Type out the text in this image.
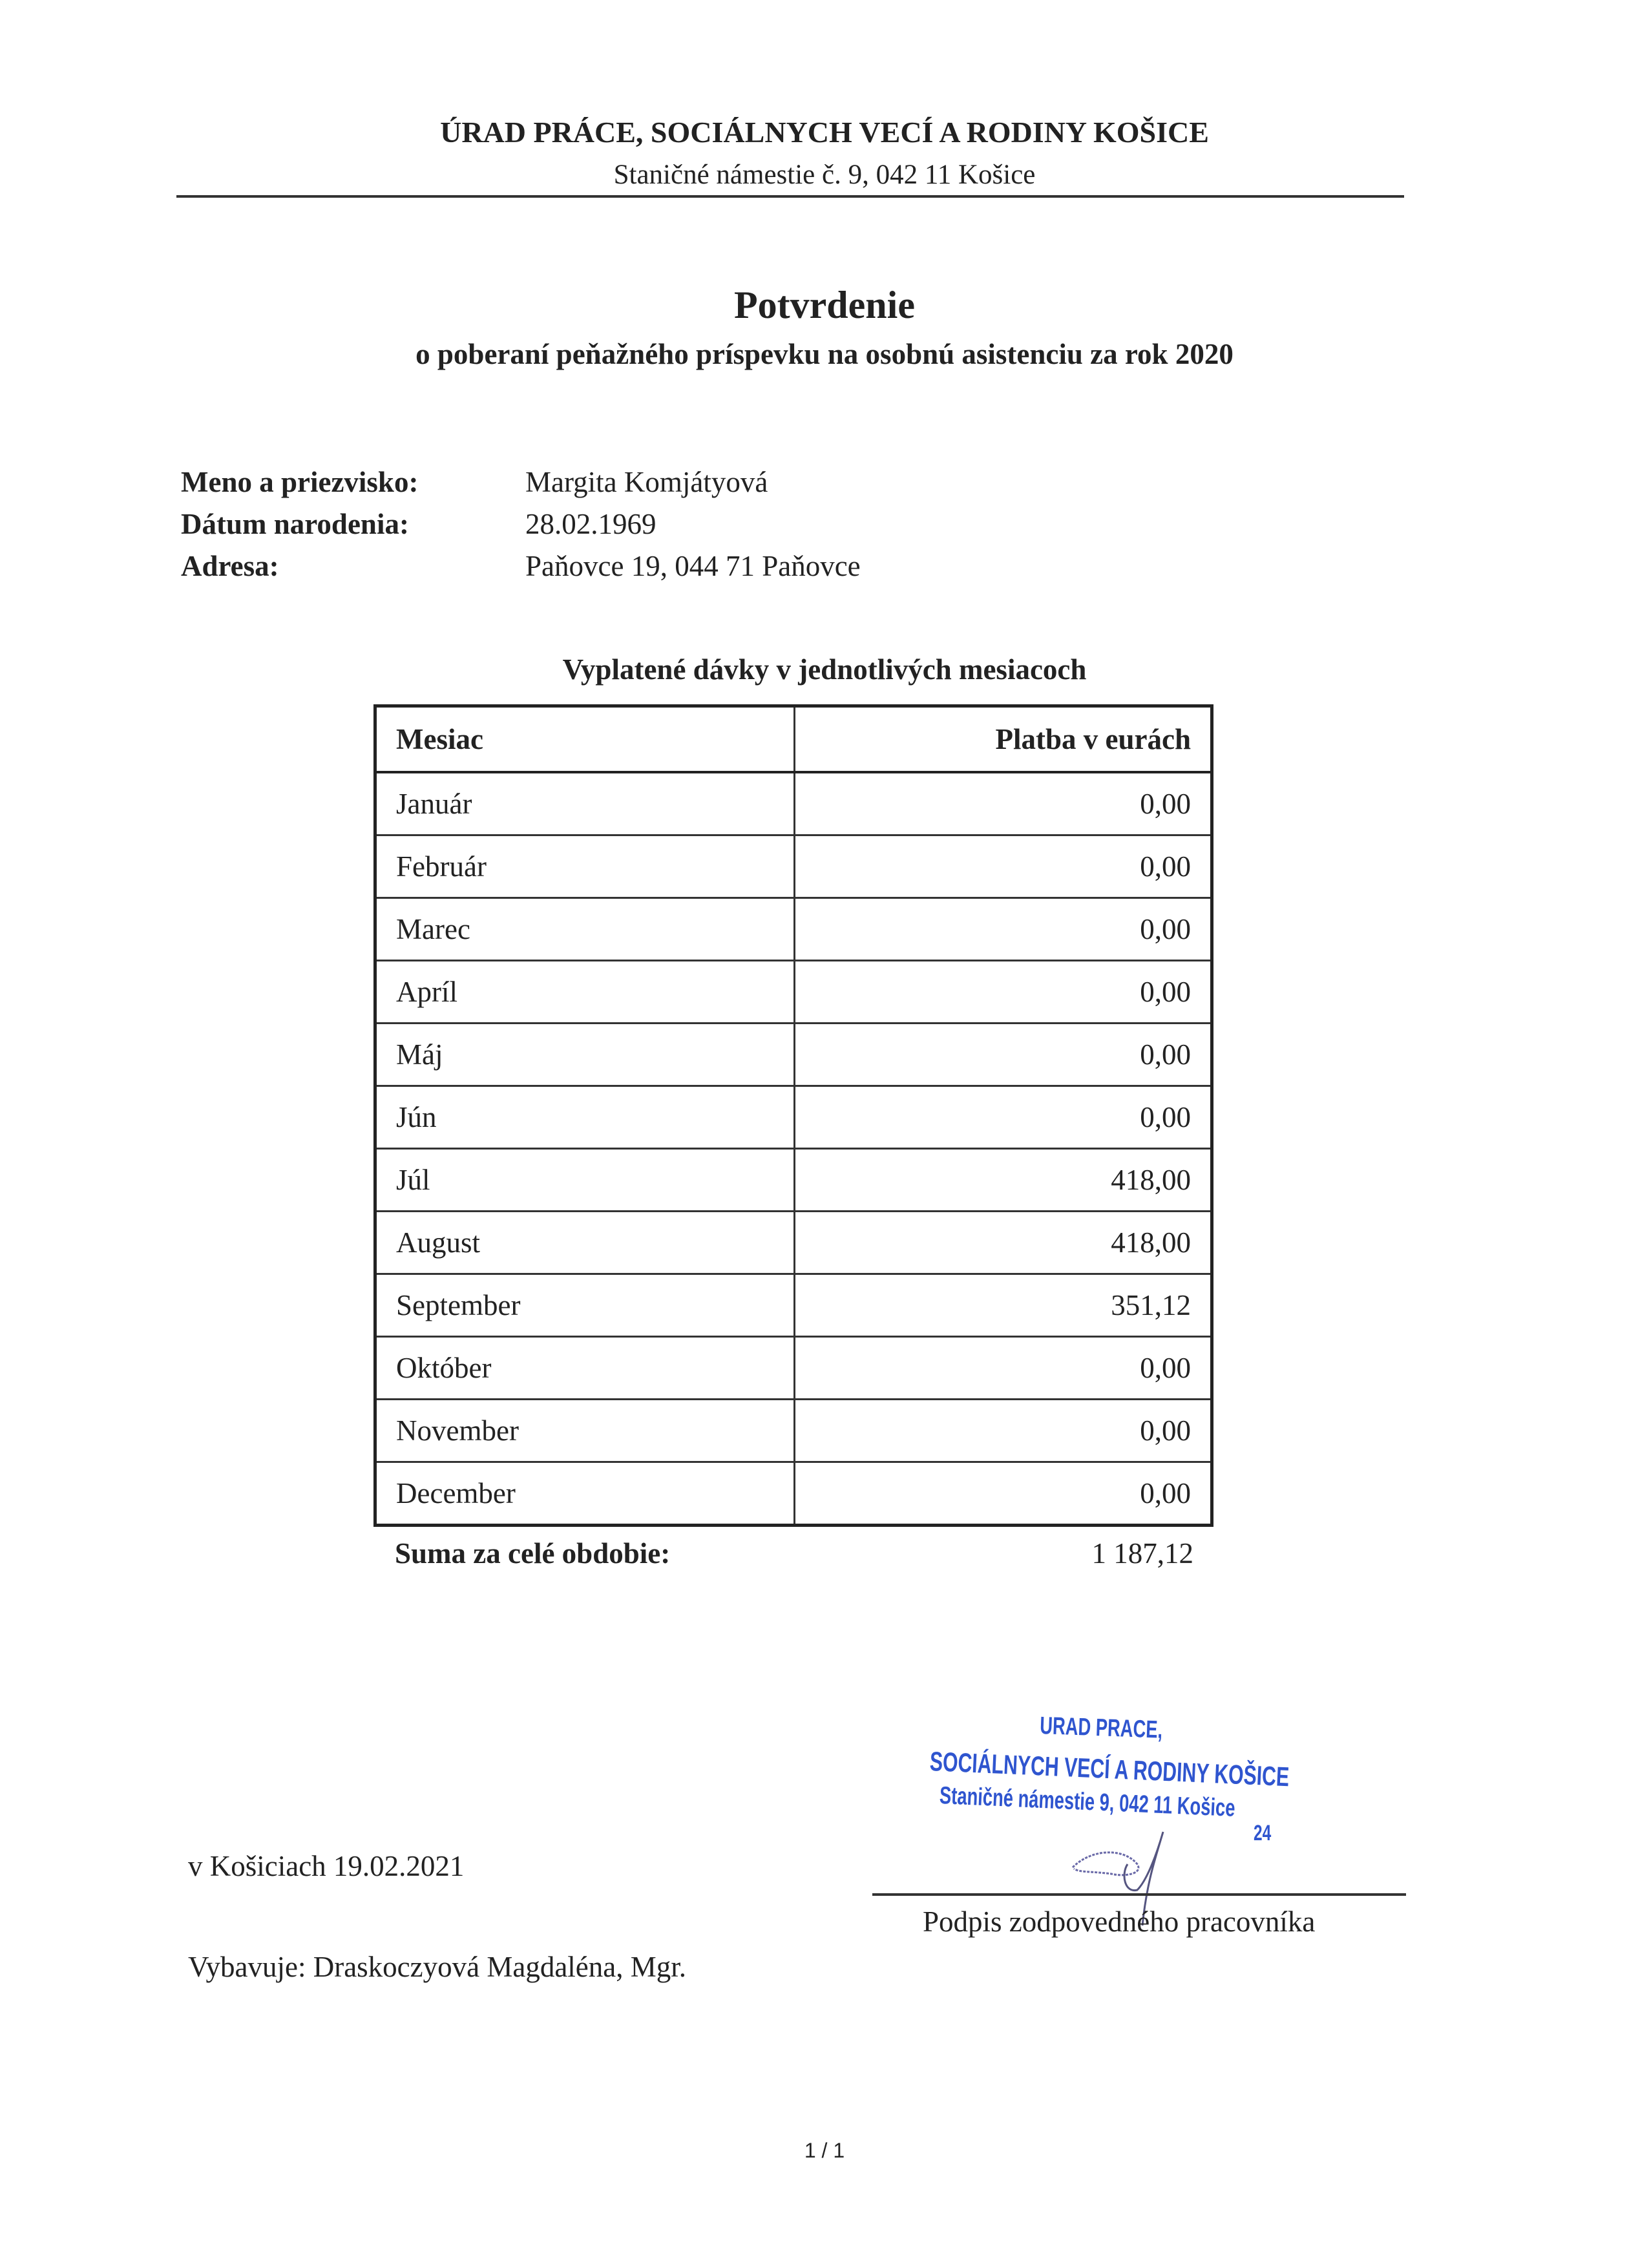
ÚRAD PRÁCE, SOCIÁLNYCH VECÍ A RODINY KOŠICE
Staničné námestie č. 9, 042 11 Košice
Potvrdenie
o poberaní peňažného príspevku na osobnú asistenciu za rok 2020
Meno a priezvisko:	Margita Komjátyová
Dátum narodenia:	28.02.1969
Adresa:	Paňovce 19, 044 71 Paňovce
Vyplatené dávky v jednotlivých mesiacoch
Mesiac	Platba v eurách
Január	0,00
Február	0,00
Marec	0,00
Apríl	0,00
Máj	0,00
Jún	0,00
Júl	418,00
August	418,00
September	351,12
Október	0,00
November	0,00
December	0,00
Suma za celé obdobie:	1 187,12
URAD PRACE,
SOCIÁLNYCH VECÍ A RODINY KOŠICE
Staničné námestie 9, 042 11 Košice
24
v Košiciach 19.02.2021
Podpis zodpovedného pracovníka
Vybavuje: Draskoczyová Magdaléna, Mgr.
1 / 1
